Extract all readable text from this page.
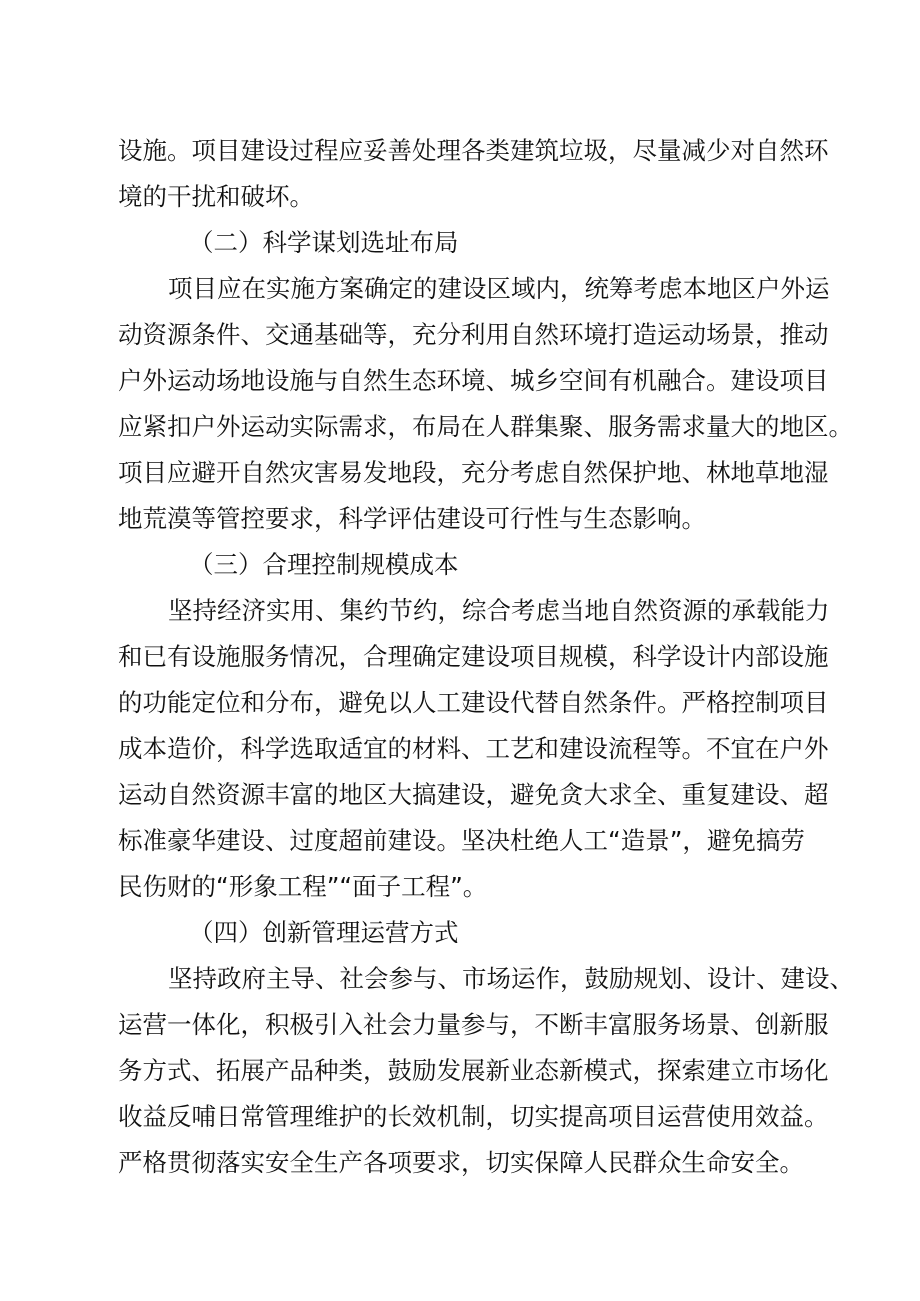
设施。项目建设过程应妥善处理各类建筑垃圾，尽量减少对自然环
境的干扰和破坏。
（二）科学谋划选址布局
项目应在实施方案确定的建设区域内，统筹考虑本地区户外运
动资源条件、交通基础等，充分利用自然环境打造运动场景，推动
户外运动场地设施与自然生态环境、城乡空间有机融合。建设项目
应紧扣户外运动实际需求，布局在人群集聚、服务需求量大的地区。
项目应避开自然灾害易发地段，充分考虑自然保护地、林地草地湿
地荒漠等管控要求，科学评估建设可行性与生态影响。
（三）合理控制规模成本
坚持经济实用、集约节约，综合考虑当地自然资源的承载能力
和已有设施服务情况，合理确定建设项目规模，科学设计内部设施
的功能定位和分布，避免以人工建设代替自然条件。严格控制项目
成本造价，科学选取适宜的材料、工艺和建设流程等。不宜在户外
运动自然资源丰富的地区大搞建设，避免贪大求全、重复建设、超
标准豪华建设、过度超前建设。坚决杜绝人工“造景”，避免搞劳
民伤财的“形象工程”“面子工程”。
（四）创新管理运营方式
坚持政府主导、社会参与、市场运作，鼓励规划、设计、建设、
运营一体化，积极引入社会力量参与，不断丰富服务场景、创新服
务方式、拓展产品种类，鼓励发展新业态新模式，探索建立市场化
收益反哺日常管理维护的长效机制，切实提高项目运营使用效益。
严格贯彻落实安全生产各项要求，切实保障人民群众生命安全。
